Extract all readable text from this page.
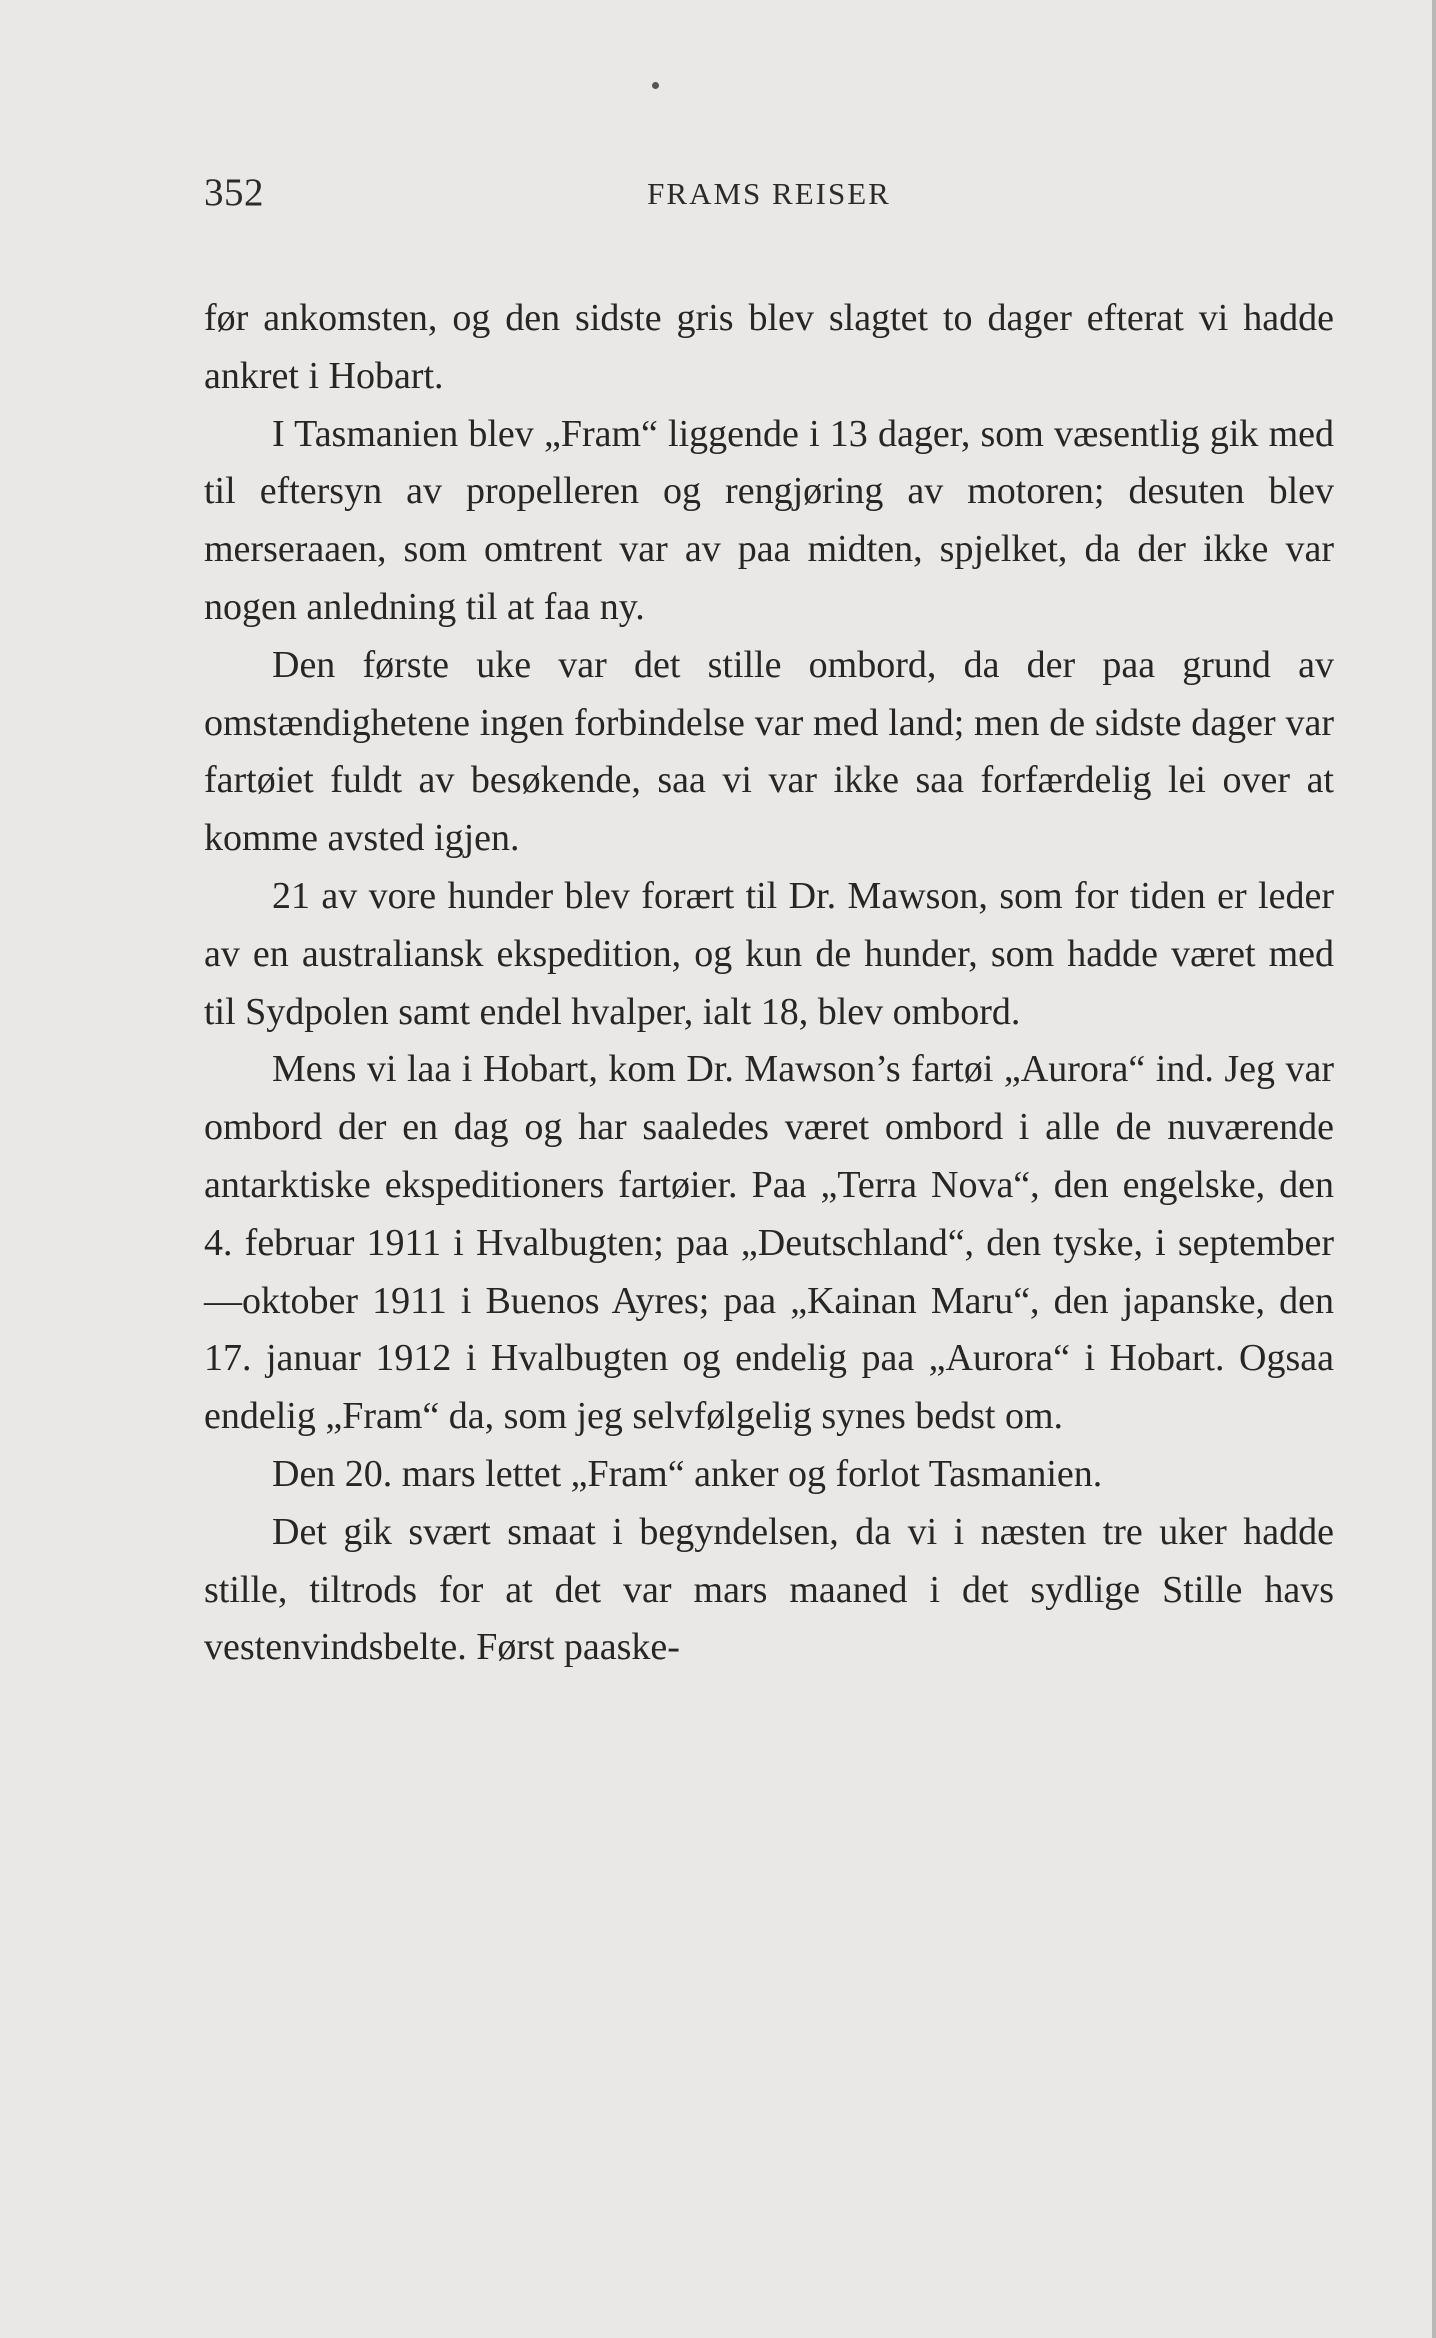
352	FRAMS REISER

før ankomsten, og den sidste gris blev slagtet to dager efterat vi hadde ankret i Hobart.

I Tasmanien blev „Fram“ liggende i 13 dager, som væsentlig gik med til eftersyn av propelleren og rengjøring av motoren; desuten blev merseraaen, som omtrent var av paa midten, spjelket, da der ikke var nogen anledning til at faa ny.

Den første uke var det stille ombord, da der paa grund av omstændighetene ingen forbindelse var med land; men de sidste dager var fartøiet fuldt av besøkende, saa vi var ikke saa forfærdelig lei over at komme avsted igjen.

21 av vore hunder blev forært til Dr. Mawson, som for tiden er leder av en australiansk ekspedition, og kun de hunder, som hadde været med til Sydpolen samt endel hvalper, ialt 18, blev ombord.

Mens vi laa i Hobart, kom Dr. Mawson’s fartøi „Aurora“ ind. Jeg var ombord der en dag og har saaledes været ombord i alle de nuværende antarktiske ekspeditioners fartøier. Paa „Terra Nova“, den engelske, den 4. februar 1911 i Hvalbugten; paa „Deutschland“, den tyske, i september—oktober 1911 i Buenos Ayres; paa „Kainan Maru“, den japanske, den 17. januar 1912 i Hvalbugten og endelig paa „Aurora“ i Hobart. Ogsaa endelig „Fram“ da, som jeg selvfølgelig synes bedst om.

Den 20. mars lettet „Fram“ anker og forlot Tasmanien.

Det gik svært smaat i begyndelsen, da vi i næsten tre uker hadde stille, tiltrods for at det var mars maaned i det sydlige Stille havs vestenvindsbelte. Først paaske-
